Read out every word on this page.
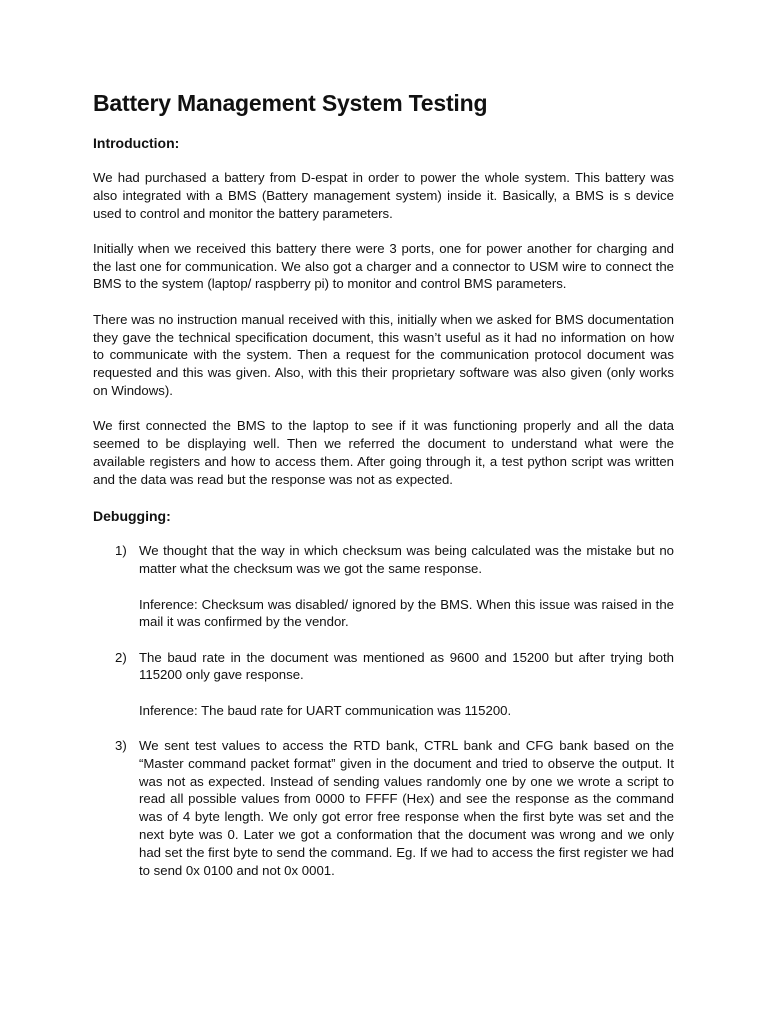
Battery Management System Testing
Introduction:

We had purchased a battery from D-espat in order to power the whole system. This battery was also integrated with a BMS (Battery management system) inside it. Basically, a BMS is s device used to control and monitor the battery parameters.

Initially when we received this battery there were 3 ports, one for power another for charging and the last one for communication. We also got a charger and a connector to USM wire to connect the BMS to the system (laptop/ raspberry pi) to monitor and control BMS parameters.

There was no instruction manual received with this, initially when we asked for BMS documentation they gave the technical specification document, this wasn’t useful as it had no information on how to communicate with the system. Then a request for the communication protocol document was requested and this was given. Also, with this their proprietary software was also given (only works on Windows).

We first connected the BMS to the laptop to see if it was functioning properly and all the data seemed to be displaying well. Then we referred the document to understand what were the available registers and how to access them. After going through it, a test python script was written and the data was read but the response was not as expected.

Debugging:
1) We thought that the way in which checksum was being calculated was the mistake but no matter what the checksum was we got the same response.

Inference: Checksum was disabled/ ignored by the BMS. When this issue was raised in the mail it was confirmed by the vendor.

2) The baud rate in the document was mentioned as 9600 and 15200 but after trying both 115200 only gave response.

Inference: The baud rate for UART communication was 115200.

3) We sent test values to access the RTD bank, CTRL bank and CFG bank based on the “Master command packet format” given in the document and tried to observe the output. It was not as expected. Instead of sending values randomly one by one we wrote a script to read all possible values from 0000 to FFFF (Hex) and see the response as the command was of 4 byte length. We only got error free response when the first byte was set and the next byte was 0. Later we got a conformation that the document was wrong and we only had set the first byte to send the command. Eg. If we had to access the first register we had to send 0x 0100 and not 0x 0001.
